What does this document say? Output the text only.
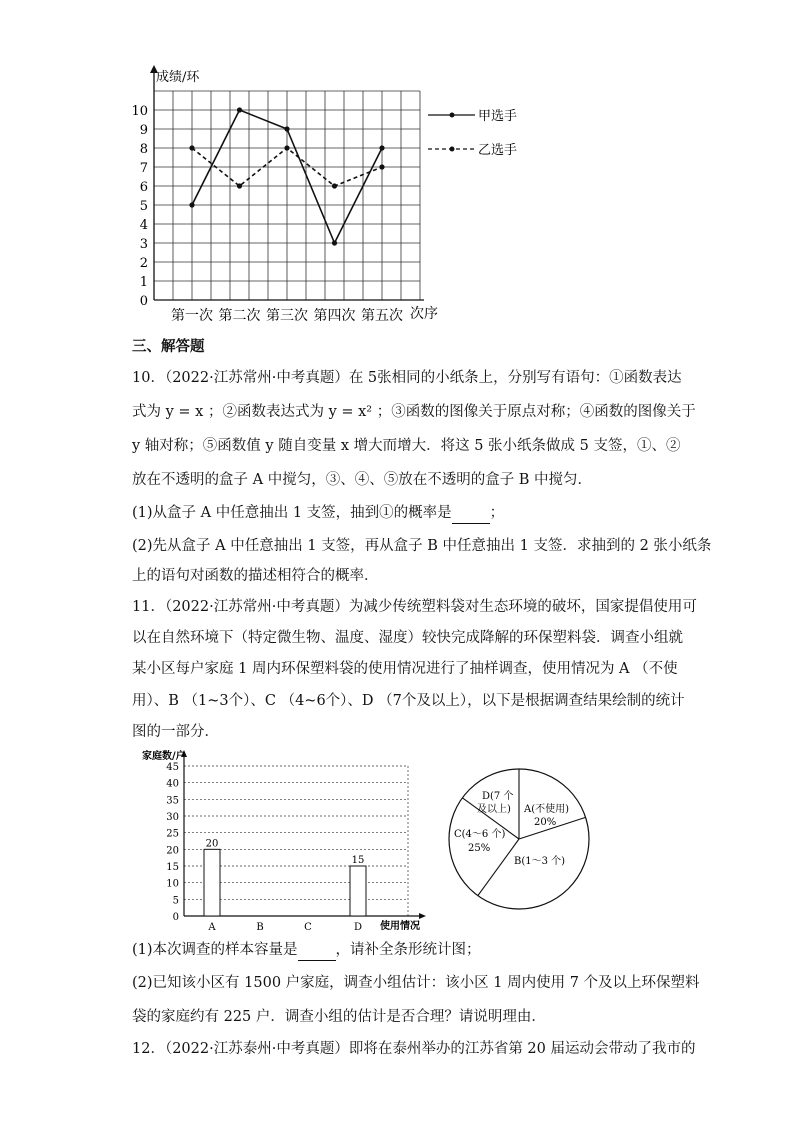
0
1
2
3
4
5
6
7
8
9
10
第一次 第二次 第三次 第四次 第五次
成绩/环
次序
甲选手
乙选手
三、解答题
10．（2022·江苏常州·中考真题）在 5张相同的小纸条上，分别写有语句：①函数表达
式为 y = x ；②函数表达式为 y = x² ；③函数的图像关于原点对称；④函数的图像关于
y 轴对称；⑤函数值 y 随自变量 x 增大而增大．将这 5 张小纸条做成 5 支签，①、②
放在不透明的盒子 A 中搅匀，③、④、⑤放在不透明的盒子 B 中搅匀．
(1)从盒子 A 中任意抽出 1 支签，抽到①的概率是	；
(2)先从盒子 A 中任意抽出 1 支签，再从盒子 B 中任意抽出 1 支签．求抽到的 2 张小纸条
上的语句对函数的描述相符合的概率．
11．（2022·江苏常州·中考真题）为减少传统塑料袋对生态环境的破坏，国家提倡使用可
以在自然环境下（特定微生物、温度、湿度）较快完成降解的环保塑料袋．调查小组就
某小区每户家庭 1 周内环保塑料袋的使用情况进行了抽样调查，使用情况为 A （不使
用）、B （1~3个）、C （4~6个）、D （7个及以上），以下是根据调查结果绘制的统计
图的一部分．
0
5
10
15
20
25
30
35
40
45
A
20
B	C	D
15
家庭数/户
使用情况
A(不使用)
20%
B(1～3 个)
C(4～6 个)
25%
D(7 个
及以上)
(1)本次调查的样本容量是	，请补全条形统计图；
(2)已知该小区有 1500 户家庭，调查小组估计：该小区 1 周内使用 7 个及以上环保塑料
袋的家庭约有 225 户．调查小组的估计是否合理？请说明理由．
12．（2022·江苏泰州·中考真题）即将在泰州举办的江苏省第 20 届运动会带动了我市的
